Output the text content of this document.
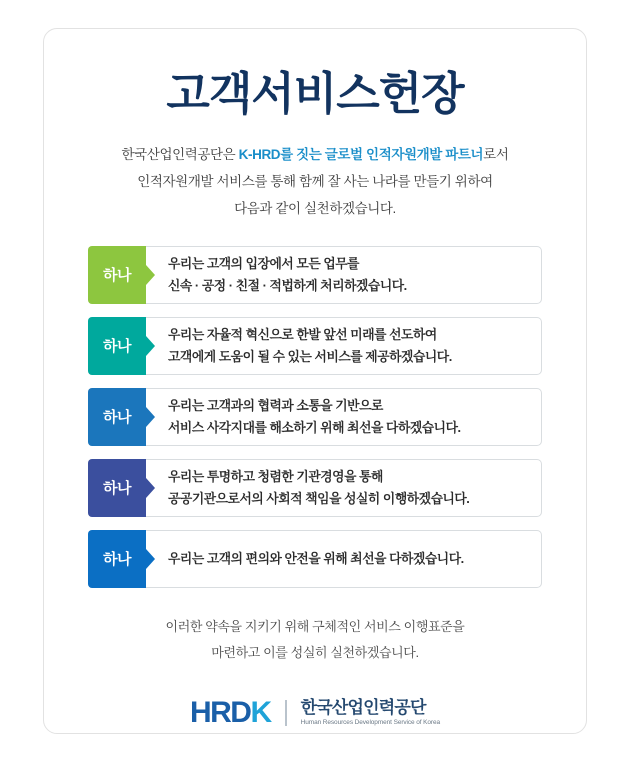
고객서비스헌장
한국산업인력공단은 K-HRD를 짓는 글로벌 인적자원개발 파트너로서
인적자원개발 서비스를 통해 함께 잘 사는 나라를 만들기 위하여
다음과 같이 실천하겠습니다.
하나
우리는 고객의 입장에서 모든 업무를
신속 · 공정 · 친절 · 적법하게 처리하겠습니다.
하나
우리는 자율적 혁신으로 한발 앞선 미래를 선도하여
고객에게 도움이 될 수 있는 서비스를 제공하겠습니다.
하나
우리는 고객과의 협력과 소통을 기반으로
서비스 사각지대를 해소하기 위해 최선을 다하겠습니다.
하나
우리는 투명하고 청렴한 기관경영을 통해
공공기관으로서의 사회적 책임을 성실히 이행하겠습니다.
하나	우리는 고객의 편의와 안전을 위해 최선을 다하겠습니다.
이러한 약속을 지키기 위해 구체적인 서비스 이행표준을
마련하고 이를 성실히 실천하겠습니다.
H R D K 한국산업인력공단
Human Resources Development Service of Korea
